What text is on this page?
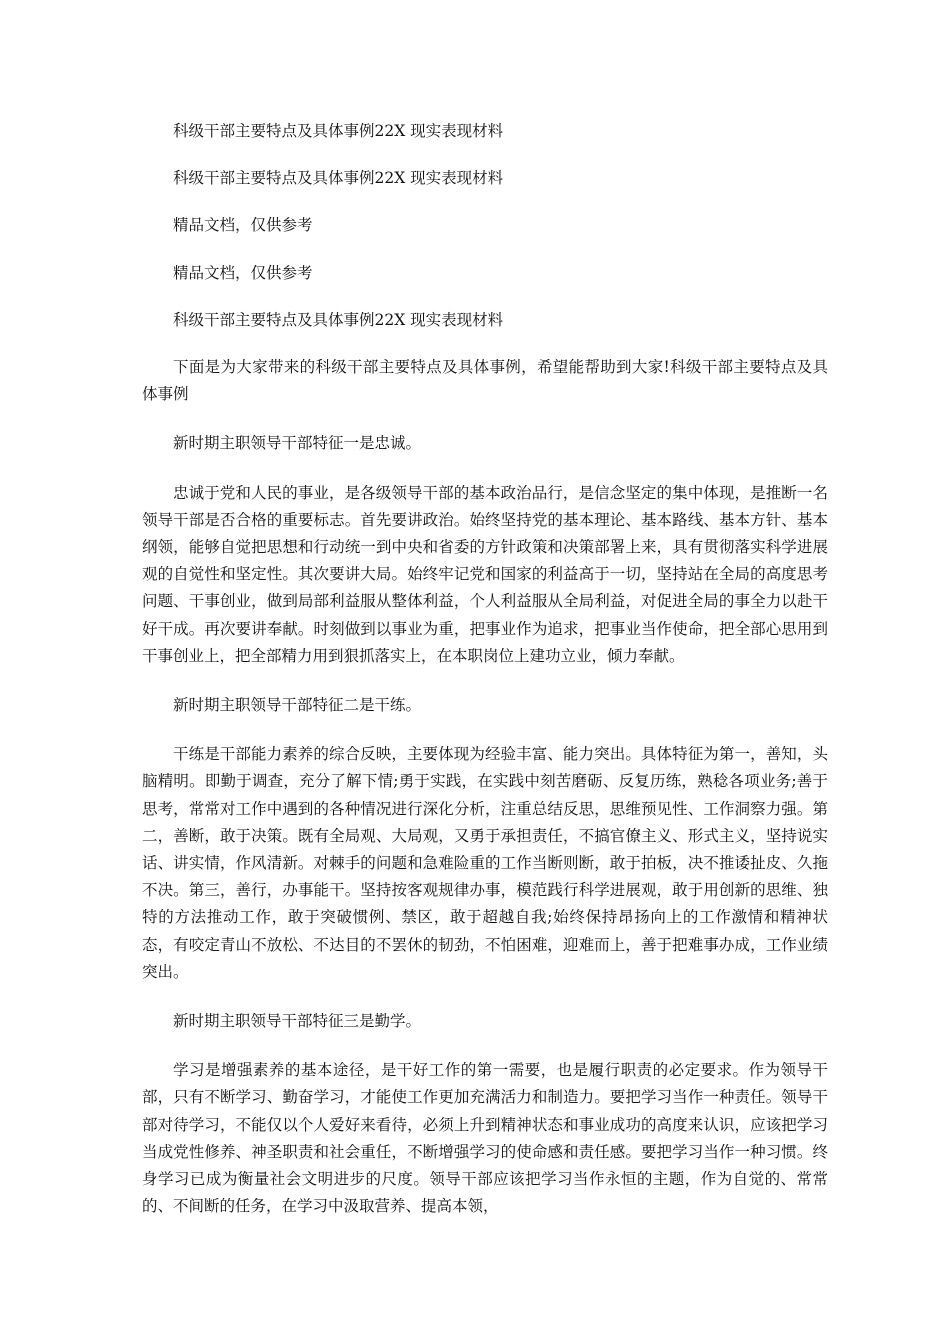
科级干部主要特点及具体事例22X 现实表现材料

科级干部主要特点及具体事例22X 现实表现材料

精品文档，仅供参考

精品文档，仅供参考

科级干部主要特点及具体事例22X 现实表现材料

下面是为大家带来的科级干部主要特点及具体事例，希望能帮助到大家!科级干部主要特点及具体事例

新时期主职领导干部特征一是忠诚。

忠诚于党和人民的事业，是各级领导干部的基本政治品行，是信念坚定的集中体现，是推断一名领导干部是否合格的重要标志。首先要讲政治。始终坚持党的基本理论、基本路线、基本方针、基本纲领，能够自觉把思想和行动统一到中央和省委的方针政策和决策部署上来，具有贯彻落实科学进展观的自觉性和坚定性。其次要讲大局。始终牢记党和国家的利益高于一切，坚持站在全局的高度思考问题、干事创业，做到局部利益服从整体利益，个人利益服从全局利益，对促进全局的事全力以赴干好干成。再次要讲奉献。时刻做到以事业为重，把事业作为追求，把事业当作使命，把全部心思用到干事创业上，把全部精力用到狠抓落实上，在本职岗位上建功立业，倾力奉献。

新时期主职领导干部特征二是干练。

干练是干部能力素养的综合反映，主要体现为经验丰富、能力突出。具体特征为第一，善知，头脑精明。即勤于调查，充分了解下情;勇于实践，在实践中刻苦磨砺、反复历练，熟稔各项业务;善于思考，常常对工作中遇到的各种情况进行深化分析，注重总结反思，思维预见性、工作洞察力强。第二，善断，敢于决策。既有全局观、大局观，又勇于承担责任，不搞官僚主义、形式主义，坚持说实话、讲实情，作风清新。对棘手的问题和急难险重的工作当断则断，敢于拍板，决不推诿扯皮、久拖不决。第三，善行，办事能干。坚持按客观规律办事，模范践行科学进展观，敢于用创新的思维、独特的方法推动工作，敢于突破惯例、禁区，敢于超越自我;始终保持昂扬向上的工作激情和精神状态，有咬定青山不放松、不达目的不罢休的韧劲，不怕困难，迎难而上，善于把难事办成，工作业绩突出。

新时期主职领导干部特征三是勤学。

学习是增强素养的基本途径，是干好工作的第一需要，也是履行职责的必定要求。作为领导干部，只有不断学习、勤奋学习，才能使工作更加充满活力和制造力。要把学习当作一种责任。领导干部对待学习，不能仅以个人爱好来看待，必须上升到精神状态和事业成功的高度来认识，应该把学习当成党性修养、神圣职责和社会重任，不断增强学习的使命感和责任感。要把学习当作一种习惯。终身学习已成为衡量社会文明进步的尺度。领导干部应该把学习当作永恒的主题，作为自觉的、常常的、不间断的任务，在学习中汲取营养、提高本领，
